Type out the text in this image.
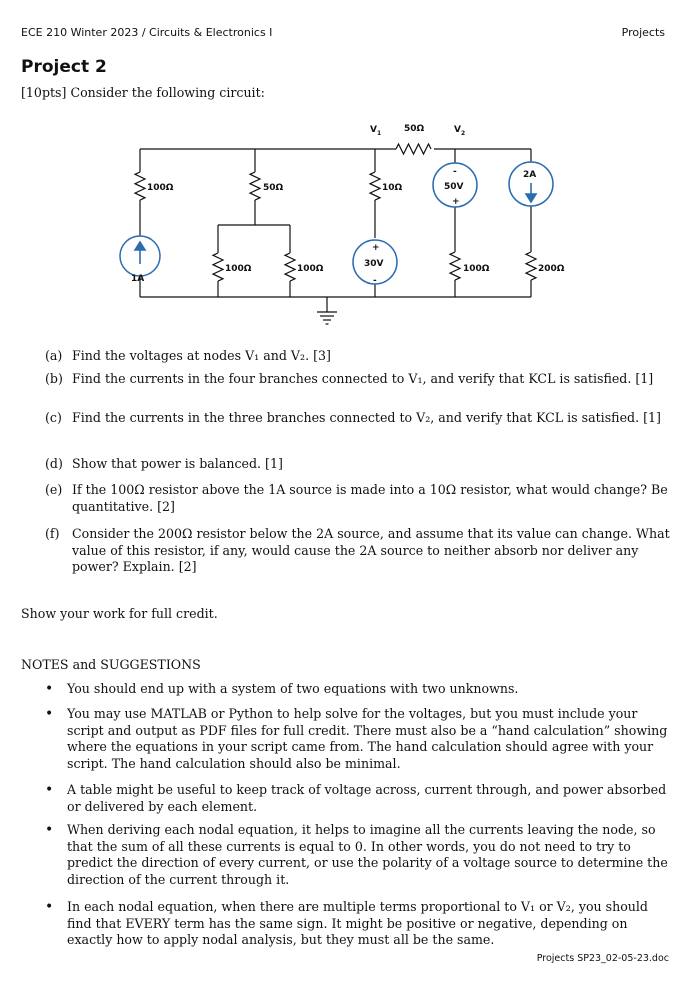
ECE 210 Winter 2023 / Circuits & Electronics I	Projects
Project 2
[10pts] Consider the following circuit:
50Ω
$V_1$	$V_2$
100Ω	50Ω	10Ω
100Ω	100Ω	100Ω	200Ω
1A
30V
50V
2A
+
-
-
+
(a) Find the voltages at nodes V₁ and V₂. [3]
(b) Find the currents in the four branches connected to V₁, and verify that KCL is satisfied. [1]
(c) Find the currents in the three branches connected to V₂, and verify that KCL is satisfied. [1]
(d) Show that power is balanced. [1]
(e) If the 100Ω resistor above the 1A source is made into a 10Ω resistor, what would change? Be quantitative. [2]
(f) Consider the 200Ω resistor below the 2A source, and assume that its value can change. What value of this resistor, if any, would cause the 2A source to neither absorb nor deliver any power? Explain. [2]
Show your work for full credit.
NOTES and SUGGESTIONS
• You should end up with a system of two equations with two unknowns.
• You may use MATLAB or Python to help solve for the voltages, but you must include your script and output as PDF files for full credit. There must also be a “hand calculation” showing where the equations in your script came from. The hand calculation should agree with your script. The hand calculation should also be minimal.
• A table might be useful to keep track of voltage across, current through, and power absorbed or delivered by each element.
• When deriving each nodal equation, it helps to imagine all the currents leaving the node, so that the sum of all these currents is equal to 0. In other words, you do not need to try to predict the direction of every current, or use the polarity of a voltage source to determine the direction of the current through it.
• In each nodal equation, when there are multiple terms proportional to V₁ or V₂, you should find that EVERY term has the same sign. It might be positive or negative, depending on exactly how to apply nodal analysis, but they must all be the same.
Projects SP23_02-05-23.doc
